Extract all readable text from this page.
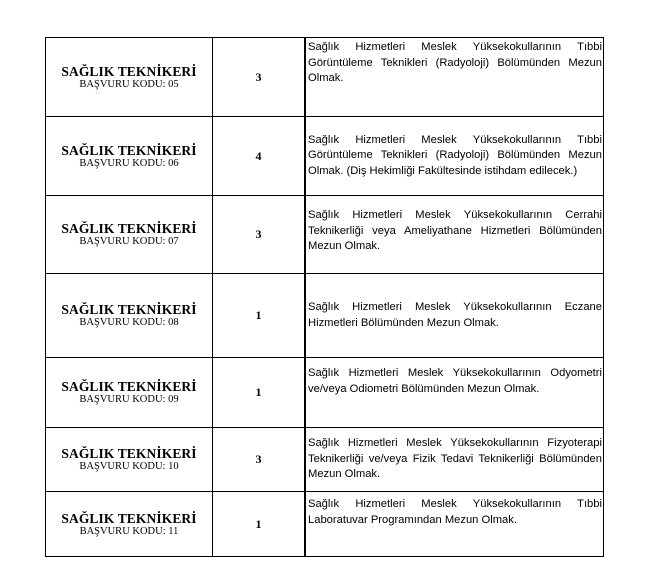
SAĞLIK TEKNİKERİ
BAŞVURU KODU: 05	3	Sağlık Hizmetleri Meslek Yüksekokullarının Tıbbi Görüntüleme Teknikleri (Radyoloji) Bölümünden Mezun Olmak.

SAĞLIK TEKNİKERİ
BAŞVURU KODU: 06	4	Sağlık Hizmetleri Meslek Yüksekokullarının Tıbbi Görüntüleme Teknikleri (Radyoloji) Bölümünden Mezun Olmak. (Diş Hekimliği Fakültesinde istihdam edilecek.)

SAĞLIK TEKNİKERİ
BAŞVURU KODU: 07	3	Sağlık Hizmetleri Meslek Yüksekokullarının Cerrahi Teknikerliği veya Ameliyathane Hizmetleri Bölümünden Mezun Olmak.

SAĞLIK TEKNİKERİ
BAŞVURU KODU: 08	1	Sağlık Hizmetleri Meslek Yüksekokullarının Eczane Hizmetleri Bölümünden Mezun Olmak.

SAĞLIK TEKNİKERİ
BAŞVURU KODU: 09	1	Sağlık Hizmetleri Meslek Yüksekokullarının Odyometri ve/veya Odiometri Bölümünden Mezun Olmak.

SAĞLIK TEKNİKERİ
BAŞVURU KODU: 10	3	Sağlık Hizmetleri Meslek Yüksekokullarının Fizyoterapi Teknikerliği ve/veya Fizik Tedavi Teknikerliği Bölümünden Mezun Olmak.

SAĞLIK TEKNİKERİ
BAŞVURU KODU: 11	1	Sağlık Hizmetleri Meslek Yüksekokullarının Tıbbi Laboratuvar Programından Mezun Olmak.
